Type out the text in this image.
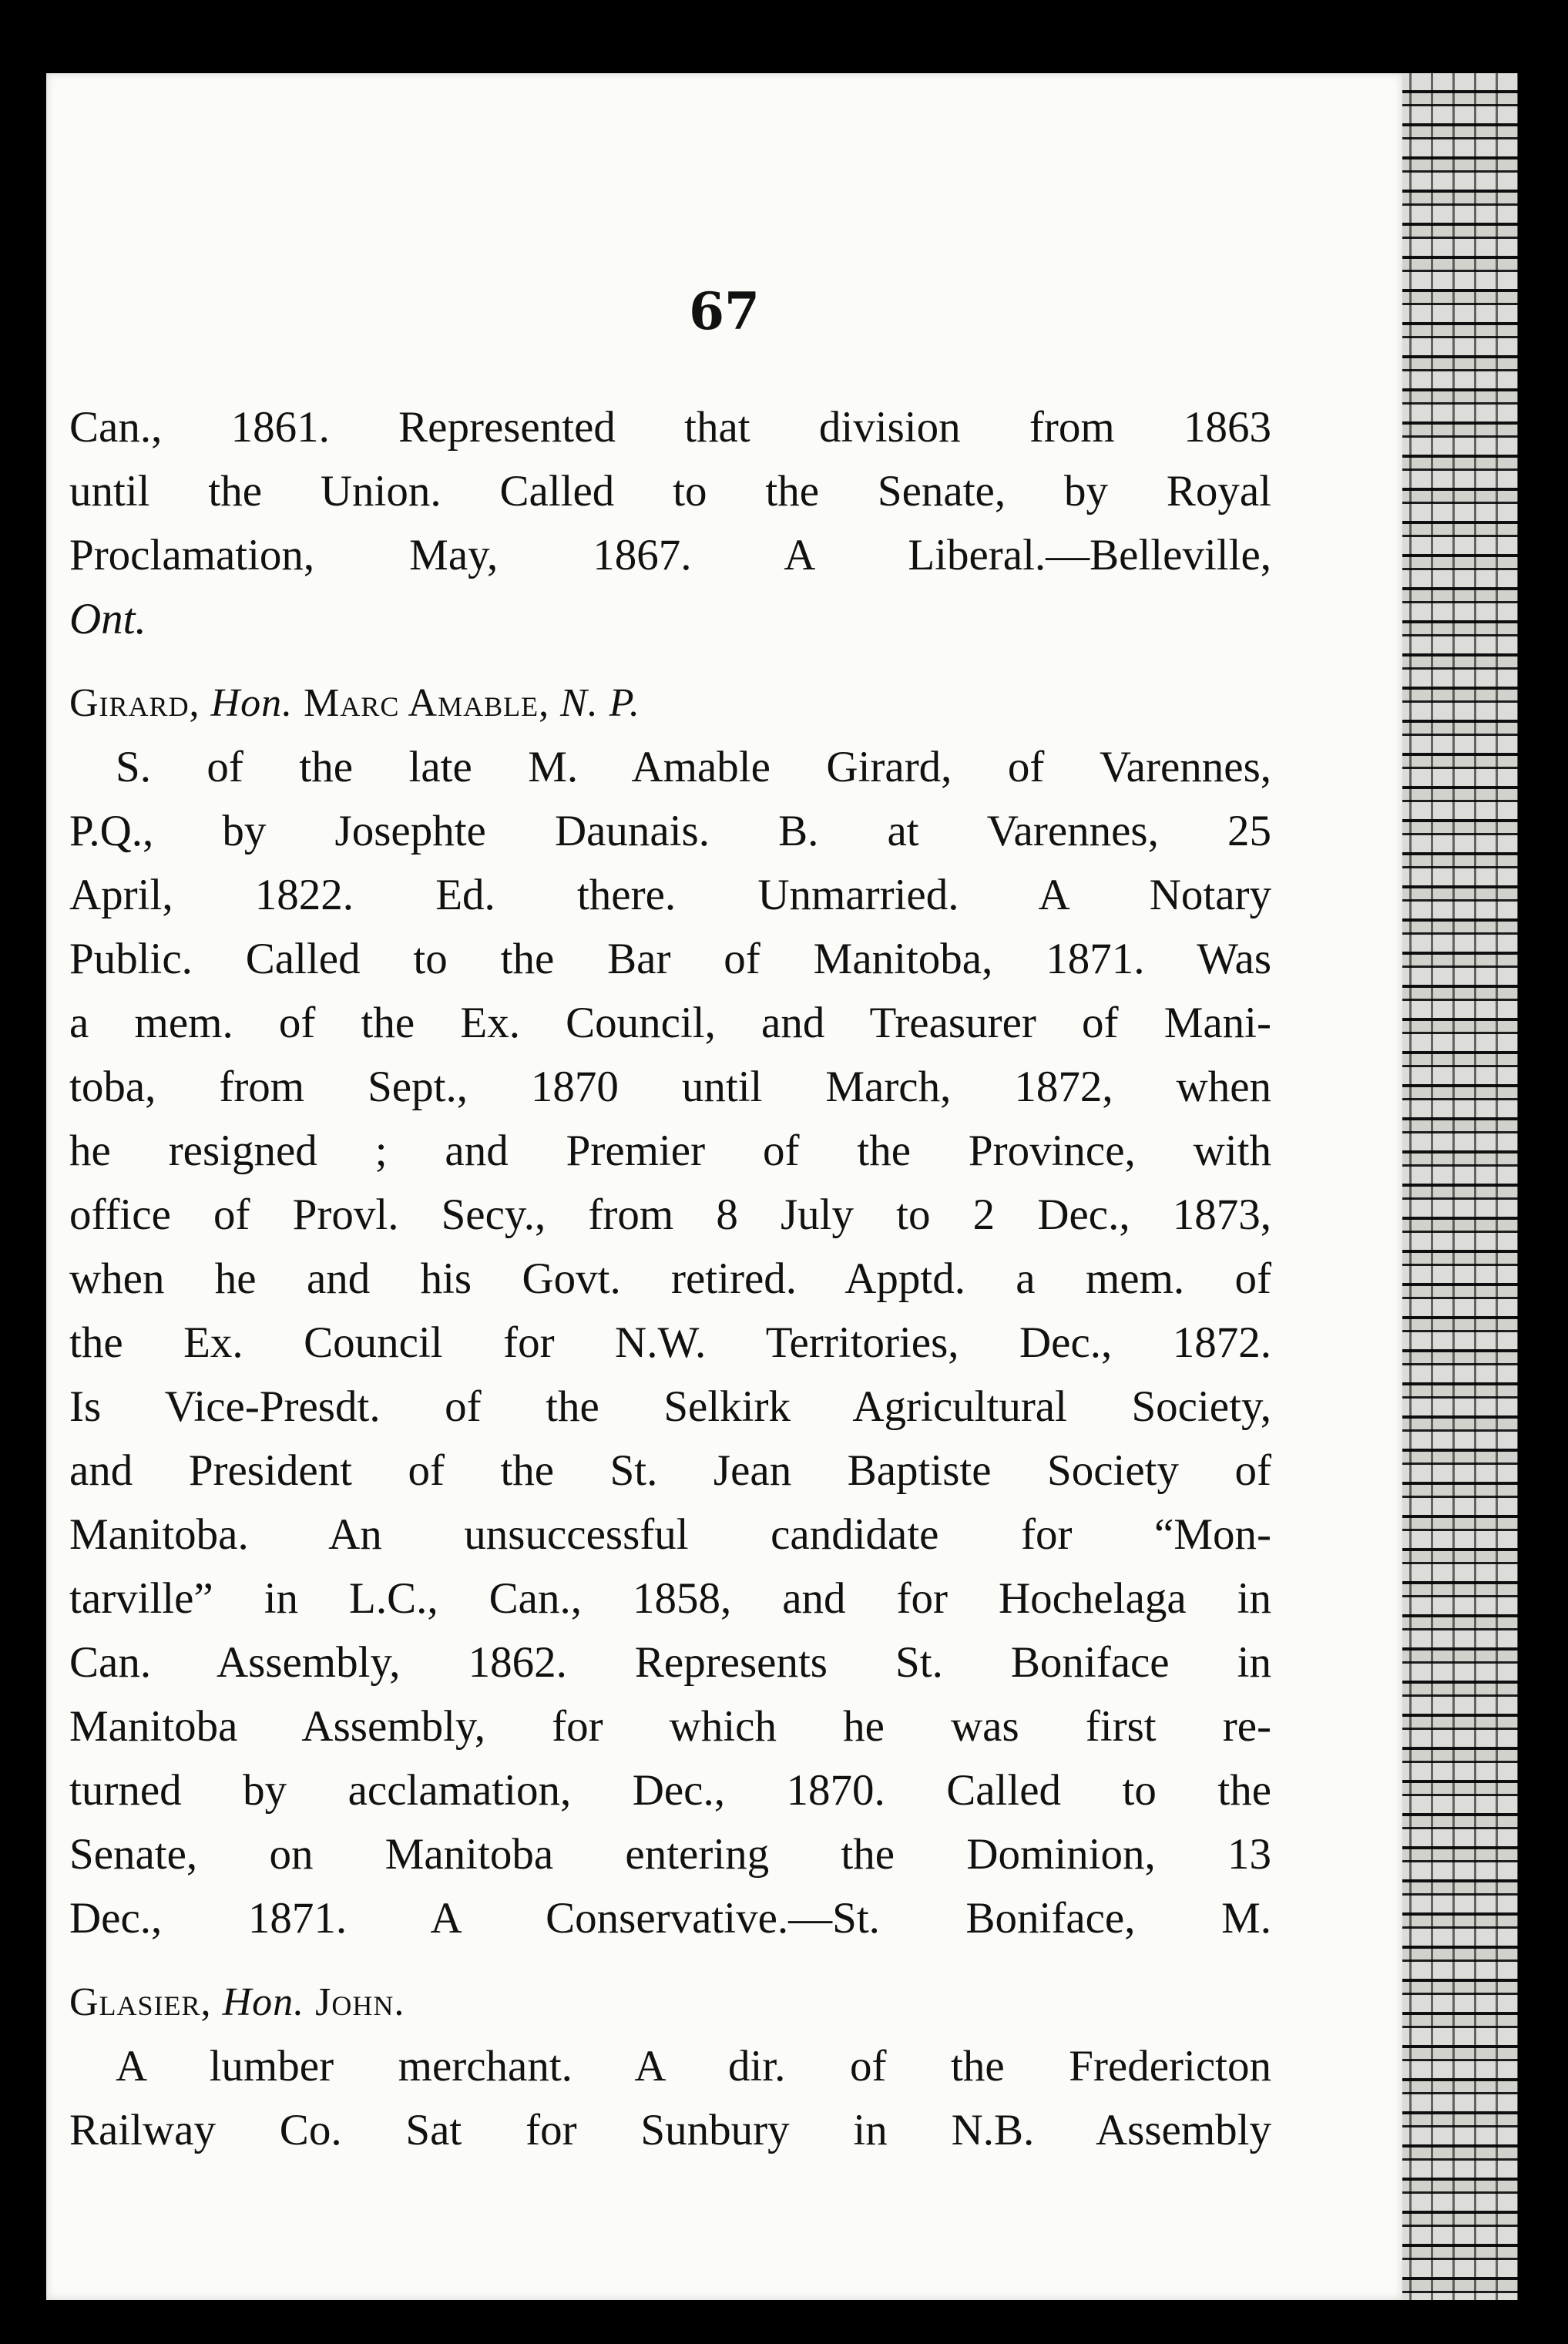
67
Can., 1861. Represented that division from 1863
until the Union. Called to the Senate, by Royal
Proclamation, May, 1867. A Liberal.—Belleville,
Ont.
Girard, Hon. Marc Amable, N. P.
S. of the late M. Amable Girard, of Varennes,
P.Q., by Josephte Daunais. B. at Varennes, 25
April, 1822. Ed. there. Unmarried. A Notary
Public. Called to the Bar of Manitoba, 1871. Was
a mem. of the Ex. Council, and Treasurer of Mani-
toba, from Sept., 1870 until March, 1872, when
he resigned ; and Premier of the Province, with
office of Provl. Secy., from 8 July to 2 Dec., 1873,
when he and his Govt. retired. Apptd. a mem. of
the Ex. Council for N.W. Territories, Dec., 1872.
Is Vice-Presdt. of the Selkirk Agricultural Society,
and President of the St. Jean Baptiste Society of
Manitoba. An unsuccessful candidate for “Mon-
tarville” in L.C., Can., 1858, and for Hochelaga in
Can. Assembly, 1862. Represents St. Boniface in
Manitoba Assembly, for which he was first re-
turned by acclamation, Dec., 1870. Called to the
Senate, on Manitoba entering the Dominion, 13
Dec., 1871. A Conservative.—St. Boniface, M.
Glasier, Hon. John.
A lumber merchant. A dir. of the Fredericton
Railway Co. Sat for Sunbury in N.B. Assembly
